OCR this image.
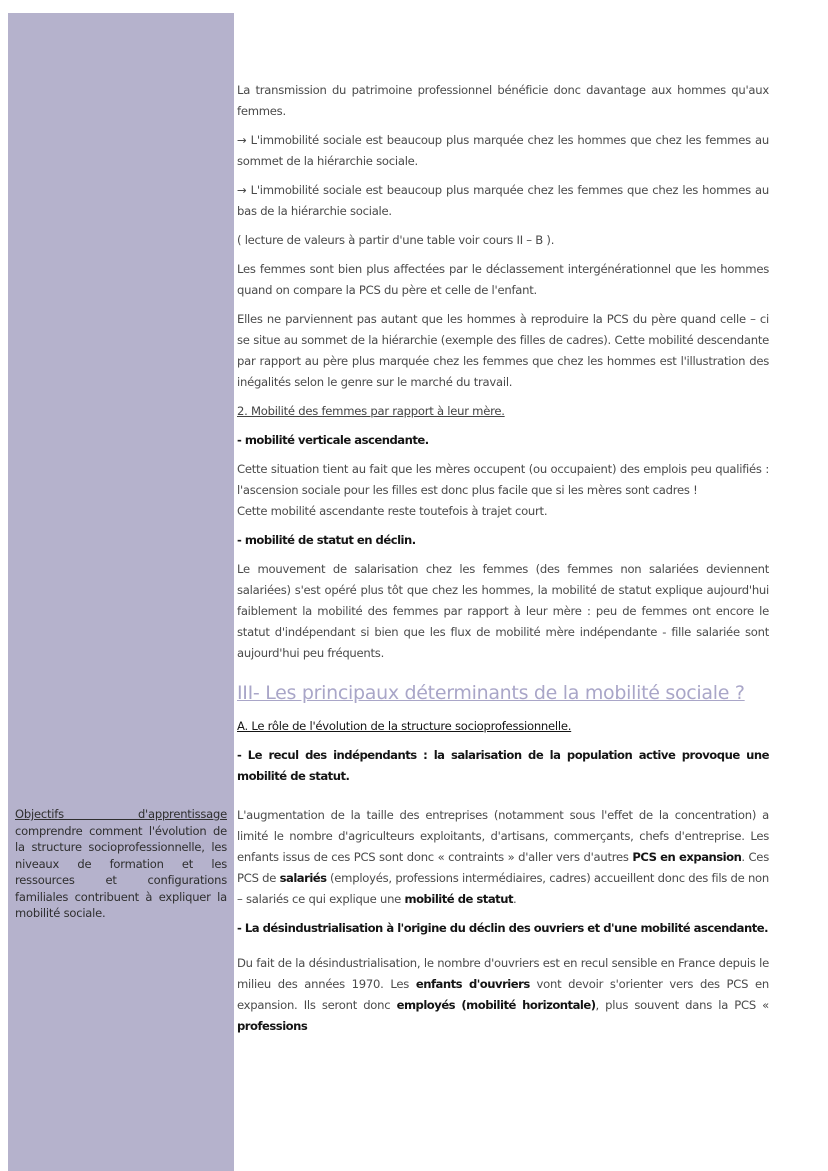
Objectifs d'apprentissage comprendre comment l'évolution de la structure socioprofessionnelle, les niveaux de formation et les ressources et configurations familiales contribuent à expliquer la mobilité sociale.

La transmission du patrimoine professionnel bénéficie donc davantage aux hommes qu'aux femmes.

→ L'immobilité sociale est beaucoup plus marquée chez les hommes que chez les femmes au sommet de la hiérarchie sociale.

→ L'immobilité sociale est beaucoup plus marquée chez les femmes que chez les hommes au bas de la hiérarchie sociale.

( lecture de valeurs à partir d'une table voir cours II – B ).

Les femmes sont bien plus affectées par le déclassement intergénérationnel que les hommes quand on compare la PCS du père et celle de l'enfant.

Elles ne parviennent pas autant que les hommes à reproduire la PCS du père quand celle – ci se situe au sommet de la hiérarchie (exemple des filles de cadres). Cette mobilité descendante par rapport au père plus marquée chez les femmes que chez les hommes est l'illustration des inégalités selon le genre sur le marché du travail.

2. Mobilité des femmes par rapport à leur mère.

- mobilité verticale ascendante.

Cette situation tient au fait que les mères occupent (ou occupaient) des emplois peu qualifiés : l'ascension sociale pour les filles est donc plus facile que si les mères sont cadres !

Cette mobilité ascendante reste toutefois à trajet court.

- mobilité de statut en déclin.

Le mouvement de salarisation chez les femmes (des femmes non salariées deviennent salariées) s'est opéré plus tôt que chez les hommes, la mobilité de statut explique aujourd'hui faiblement la mobilité des femmes par rapport à leur mère : peu de femmes ont encore le statut d'indépendant si bien que les flux de mobilité mère indépendante - fille salariée sont aujourd'hui peu fréquents.

III- Les principaux déterminants de la mobilité sociale ?

A. Le rôle de l'évolution de la structure socioprofessionnelle.

- Le recul des indépendants : la salarisation de la population active provoque une mobilité de statut.

L'augmentation de la taille des entreprises (notamment sous l'effet de la concentration) a limité le nombre d'agriculteurs exploitants, d'artisans, commerçants, chefs d'entreprise. Les enfants issus de ces PCS sont donc « contraints » d'aller vers d'autres PCS en expansion. Ces PCS de salariés (employés, professions intermédiaires, cadres) accueillent donc des fils de non – salariés ce qui explique une mobilité de statut.

- La désindustrialisation à l'origine du déclin des ouvriers et d'une mobilité ascendante.

Du fait de la désindustrialisation, le nombre d'ouvriers est en recul sensible en France depuis le milieu des années 1970. Les enfants d'ouvriers vont devoir s'orienter vers des PCS en expansion. Ils seront donc employés (mobilité horizontale), plus souvent dans la PCS « professions
